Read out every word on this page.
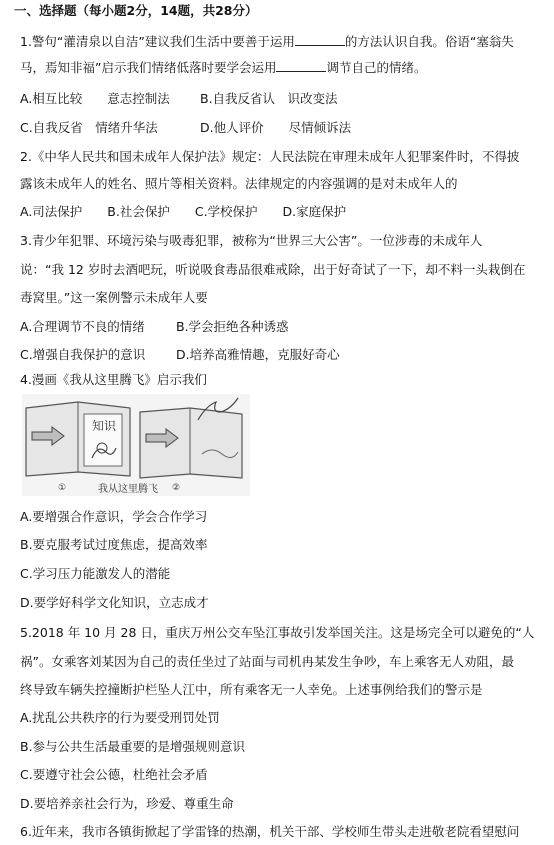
一、选择题（每小题2分，14题，共28分）
1.警句“灌清泉以自洁”建议我们生活中要善于运用	的方法认识自我。俗语“塞翁失
马，焉知非福”启示我们情绪低落时要学会运用	调节自己的情绪。
A.相互比较　　意志控制法 B.自我反省认　识改变法
C.自我反省　情绪升华法	D.他人评价　　尽情倾诉法
2.《中华人民共和国未成年人保护法》规定：人民法院在审理未成年人犯罪案件时，不得披
露该未成年人的姓名、照片等相关资料。法律规定的内容强调的是对未成年人的
A.司法保护　　B.社会保护　　C.学校保护　　D.家庭保护
3.青少年犯罪、环境污染与吸毒犯罪，被称为“世界三大公害”。一位涉毒的未成年人
说：“我 12 岁时去酒吧玩，听说吸食毒品很难戒除，出于好奇试了一下，却不料一头栽倒在
毒窝里。”这一案例警示未成年人要
A.合理调节不良的情绪 B.学会拒绝各种诱惑
C.增强自我保护的意识 D.培养高雅情趣，克服好奇心
4.漫画《我从这里腾飞》启示我们
知识
①	②
我从这里腾飞
A.要增强合作意识，学会合作学习
B.要克服考试过度焦虑，提高效率
C.学习压力能激发人的潜能
D.要学好科学文化知识，立志成才
5.2018 年 10 月 28 日，重庆万州公交车坠江事故引发举国关注。这是场完全可以避免的“人
祸”。女乘客刘某因为自己的责任坐过了站面与司机冉某发生争吵，车上乘客无人劝阻，最
终导致车辆失控撞断护栏坠人江中，所有乘客无一人幸免。上述事例给我们的警示是
A.扰乱公共秩序的行为要受刑罚处罚
B.参与公共生活最重要的是增强规则意识
C.要遵守社会公德，杜绝社会矛盾
D.要培养亲社会行为，珍爱、尊重生命
6.近年来，我市各镇街掀起了学雷锋的热潮，机关干部、学校师生带头走进敬老院看望慰问
